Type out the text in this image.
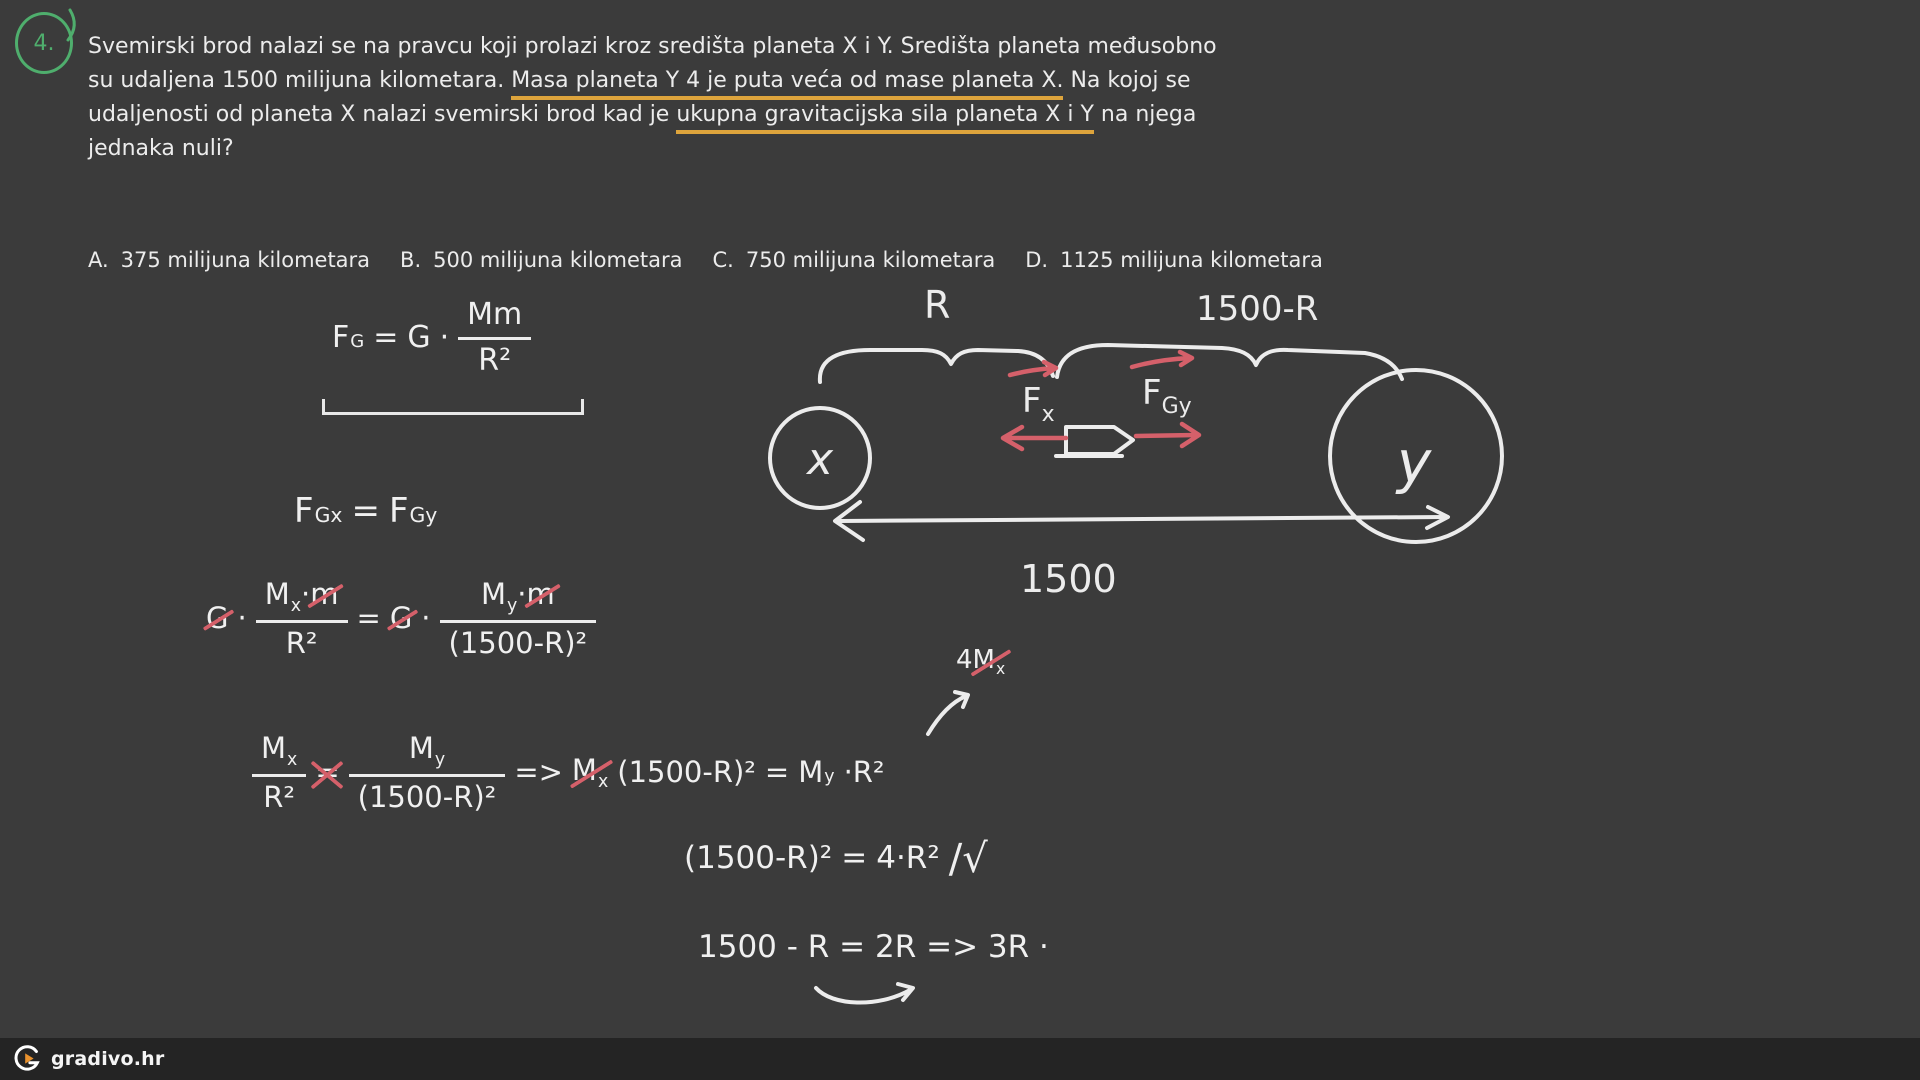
R	1500-R
1500
x	y
$F_x$
$F_{Gy}$
4. Svemirski brod nalazi se na pravcu koji prolazi kroz središta planeta X i Y. Središta planeta međusobno
su udaljena 1500 milijuna kilometara. Masa planeta Y 4 je puta veća od mase planeta X. Na kojoj se
udaljenosti od planeta X nalazi svemirski brod kad je ukupna gravitacijska sila planeta X i Y na njega
jednaka nuli?
A. 375 milijuna kilometara B. 500 milijuna kilometara C. 750 milijuna kilometara D. 1125 milijuna kilometara
F $G = G \cdot \frac{Mm}{\text{R²}}$
F Gx = F Gy
$G \cdot \frac{M_x\cdot m}{\text{R²}} = G \cdot \frac{M_y\cdot m}{\text{(1500-R)²}}$
$\frac{M_x}{\text{R²}} = \frac{M_y}{\text{(1500-R)²}} => M_x$ (1500-R)² = M y ·R²
$4M_x$
(1500-R)² = 4·R² ∕√
1500 - R = 2R => 3R ·
gradivo.hr
